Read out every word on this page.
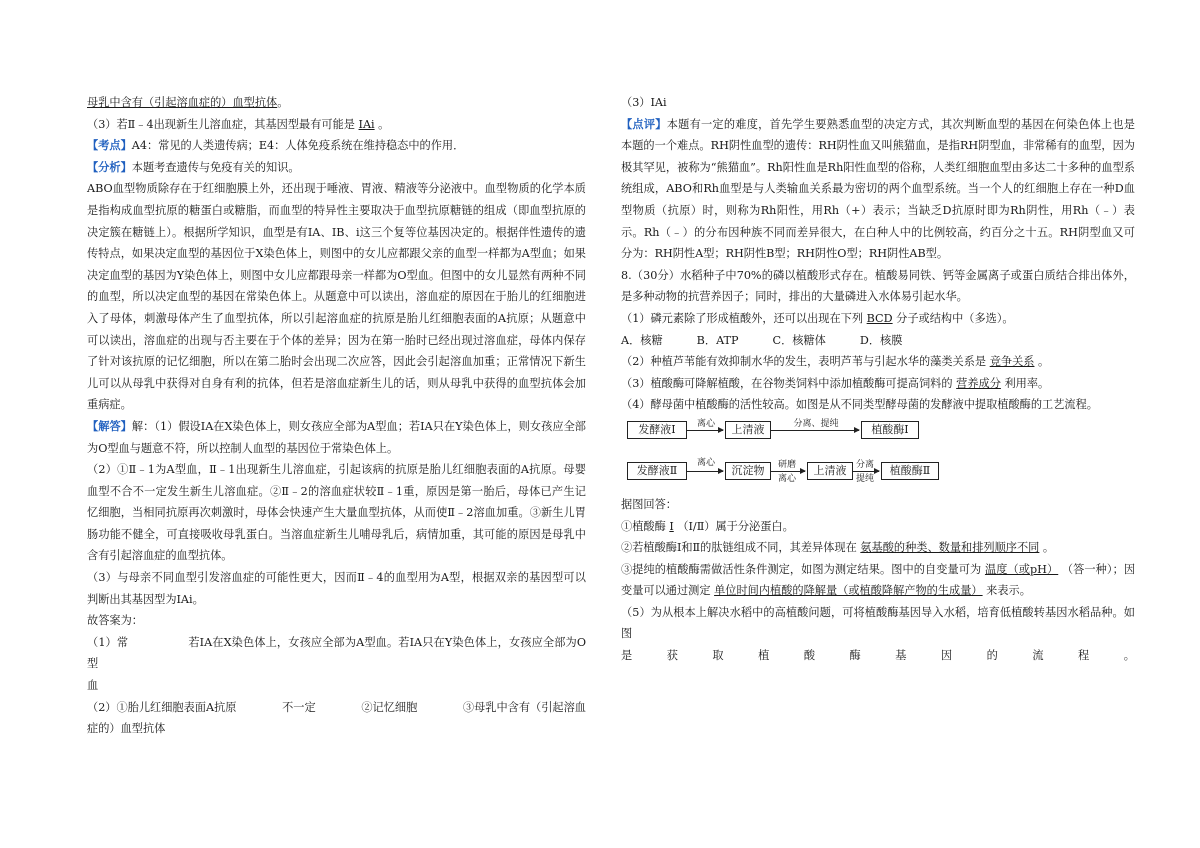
母乳中含有（引起溶血症的）血型抗体。

（3）若Ⅱ﹣4出现新生儿溶血症，其基因型最有可能是 IAi 。

【考点】A4：常见的人类遗传病；E4：人体免疫系统在维持稳态中的作用．

【分析】本题考查遗传与免疫有关的知识。

ABO血型物质除存在于红细胞膜上外，还出现于唾液、胃液、精液等分泌液中。血型物质的化学本质是指构成血型抗原的糖蛋白或糖脂，而血型的特异性主要取决于血型抗原糖链的组成（即血型抗原的决定簇在糖链上）。根据所学知识，血型是有IA、IB、i这三个复等位基因决定的。根据伴性遗传的遗传特点，如果决定血型的基因位于X染色体上，则图中的女儿应都跟父亲的血型一样都为A型血；如果决定血型的基因为Y染色体上，则图中女儿应都跟母亲一样都为O型血。但图中的女儿显然有两种不同的血型，所以决定血型的基因在常染色体上。从题意中可以读出，溶血症的原因在于胎儿的红细胞进入了母体，刺激母体产生了血型抗体，所以引起溶血症的抗原是胎儿红细胞表面的A抗原；从题意中可以读出，溶血症的出现与否主要在于个体的差异；因为在第一胎时已经出现过溶血症，母体内保存了针对该抗原的记忆细胞，所以在第二胎时会出现二次应答，因此会引起溶血加重；正常情况下新生儿可以从母乳中获得对自身有利的抗体，但若是溶血症新生儿的话，则从母乳中获得的血型抗体会加重病症。

【解答】解：（1）假设IA在X染色体上，则女孩应全部为A型血；若IA只在Y染色体上，则女孩应全部为O型血与题意不符，所以控制人血型的基因位于常染色体上。

（2）①Ⅱ﹣1为A型血，Ⅱ﹣1出现新生儿溶血症，引起该病的抗原是胎儿红细胞表面的A抗原。母婴血型不合不一定发生新生儿溶血症。②Ⅱ﹣2的溶血症状较Ⅱ﹣1重，原因是第一胎后，母体已产生记忆细胞，当相同抗原再次刺激时，母体会快速产生大量血型抗体，从而使Ⅱ﹣2溶血加重。③新生儿胃肠功能不健全，可直接吸收母乳蛋白。当溶血症新生儿哺母乳后，病情加重，其可能的原因是母乳中含有引起溶血症的血型抗体。

（3）与母亲不同血型引发溶血症的可能性更大，因而Ⅱ﹣4的血型用为A型，根据双亲的基因型可以判断出其基因型为IAi。

故答案为：

（1）常	若IA在X染色体上，女孩应全部为A型血。若IA只在Y染色体上，女孩应全部为O型

血

（2）①胎儿红细胞表面A抗原	不一定	②记忆细胞	③母乳中含有（引起溶血

症的）血型抗体

（3）IAi

【点评】本题有一定的难度，首先学生要熟悉血型的决定方式，其次判断血型的基因在何染色体上也是本题的一个难点。RH阴性血型的遗传：RH阴性血又叫熊猫血，是指RH阴型血，非常稀有的血型，因为极其罕见，被称为“熊猫血”。Rh阳性血是Rh阳性血型的俗称，人类红细胞血型由多达二十多种的血型系统组成，ABO和Rh血型是与人类输血关系最为密切的两个血型系统。当一个人的红细胞上存在一种D血型物质（抗原）时，则称为Rh阳性，用Rh（+）表示；当缺乏D抗原时即为Rh阴性，用Rh（﹣）表示。Rh（﹣）的分布因种族不同而差异很大，在白种人中的比例较高，约百分之十五。RH阴型血又可分为：RH阴性A型；RH阴性B型；RH阴性O型；RH阴性AB型。

8.（30分）水稻种子中70%的磷以植酸形式存在。植酸易同铁、钙等金属离子或蛋白质结合排出体外，是多种动物的抗营养因子；同时，排出的大量磷进入水体易引起水华。

（1）磷元素除了形成植酸外，还可以出现在下列 BCD 分子或结构中（多选）。

A．核糖	B．ATP	C．核糖体	D．核膜

（2）种植芦苇能有效抑制水华的发生，表明芦苇与引起水华的藻类关系是 竞争关系 。

（3）植酸酶可降解植酸，在谷物类饲料中添加植酸酶可提高饲料的 营养成分 利用率。

（4）酵母菌中植酸酶的活性较高。如图是从不同类型酵母菌的发酵液中提取植酸酶的工艺流程。

发酵液Ⅰ	离心	上清液	分离、提纯	植酸酶Ⅰ
发酵液Ⅱ
离心
沉淀物	研磨
离心
上清液	分离
提纯
植酸酶Ⅱ

据图回答：

①植酸酶 Ⅰ （Ⅰ/Ⅱ）属于分泌蛋白。

②若植酸酶Ⅰ和Ⅱ的肽链组成不同，其差异体现在 氨基酸的种类、数量和排列顺序不同 。

③提纯的植酸酶需做活性条件测定，如图为测定结果。图中的自变量可为 温度（或pH） （答一种）；因变量可以通过测定 单位时间内植酸的降解量（或植酸降解产物的生成量） 来表示。

（5）为从根本上解决水稻中的高植酸问题，可将植酸酶基因导入水稻，培育低植酸转基因水稻品种。如图

是	获	取	植	酸	酶	基	因	的	流	程	。
